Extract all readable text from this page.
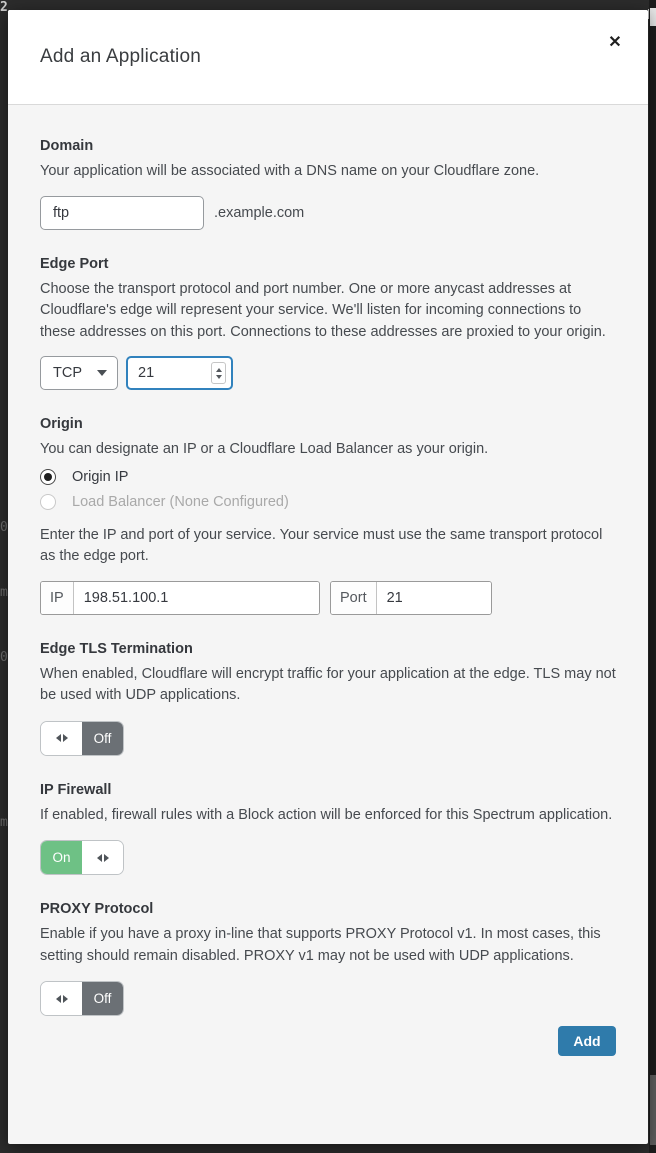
2
0
m
0
m
Add an Application
✕
Domain

Your application will be associated with a DNS name on your Cloudflare zone.

ftp
.example.com
Edge Port

Choose the transport protocol and port number. One or more anycast addresses at Cloudflare's edge will represent your service. We'll listen for incoming connections to these addresses on this port. Connections to these addresses are proxied to your origin.

TCP
21
Origin

You can designate an IP or a Cloudflare Load Balancer as your origin.

Origin IP
Load Balancer (None Configured)

Enter the IP and port of your service. Your service must use the same transport protocol as the edge port.

IP
198.51.100.1	Port
21
Edge TLS Termination

When enabled, Cloudflare will encrypt traffic for your application at the edge. TLS may not be used with UDP applications.

Off
IP Firewall

If enabled, firewall rules with a Block action will be enforced for this Spectrum application.

On
PROXY Protocol

Enable if you have a proxy in-line that supports PROXY Protocol v1. In most cases, this setting should remain disabled. PROXY v1 may not be used with UDP applications.

Off
Add
